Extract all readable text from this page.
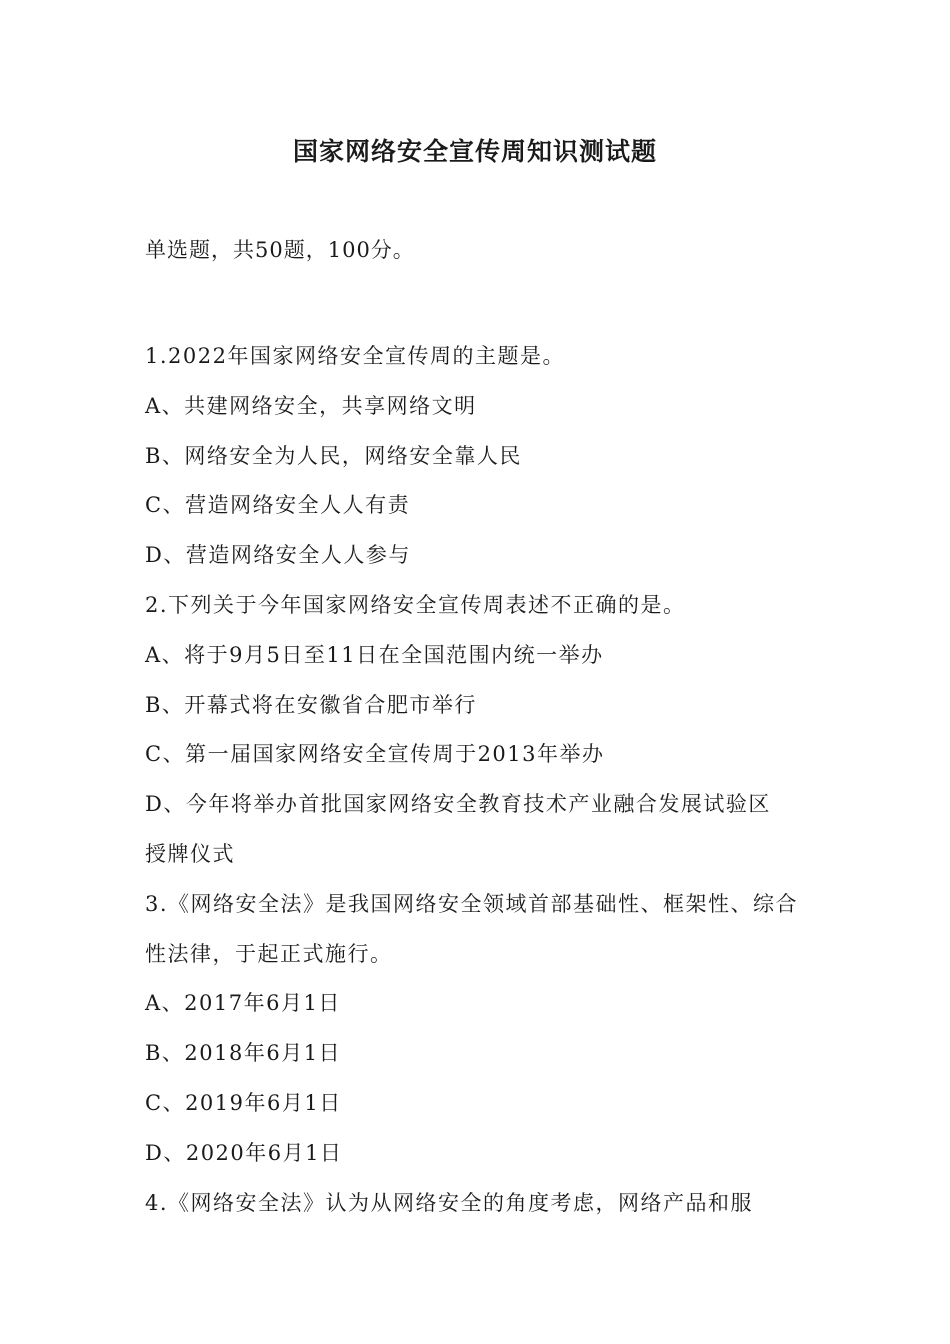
国家网络安全宣传周知识测试题
单选题，共50题，100分。
1.2022年国家网络安全宣传周的主题是。
A、共建网络安全，共享网络文明
B、网络安全为人民，网络安全靠人民
C、营造网络安全人人有责
D、营造网络安全人人参与
2.下列关于今年国家网络安全宣传周表述不正确的是。
A、将于9月5日至11日在全国范围内统一举办
B、开幕式将在安徽省合肥市举行
C、第一届国家网络安全宣传周于2013年举办
D、今年将举办首批国家网络安全教育技术产业融合发展试验区
授牌仪式
3.《网络安全法》是我国网络安全领域首部基础性、框架性、综合
性法律，于起正式施行。
A、2017年6月1日
B、2018年6月1日
C、2019年6月1日
D、2020年6月1日
4.《网络安全法》认为从网络安全的角度考虑，网络产品和服
